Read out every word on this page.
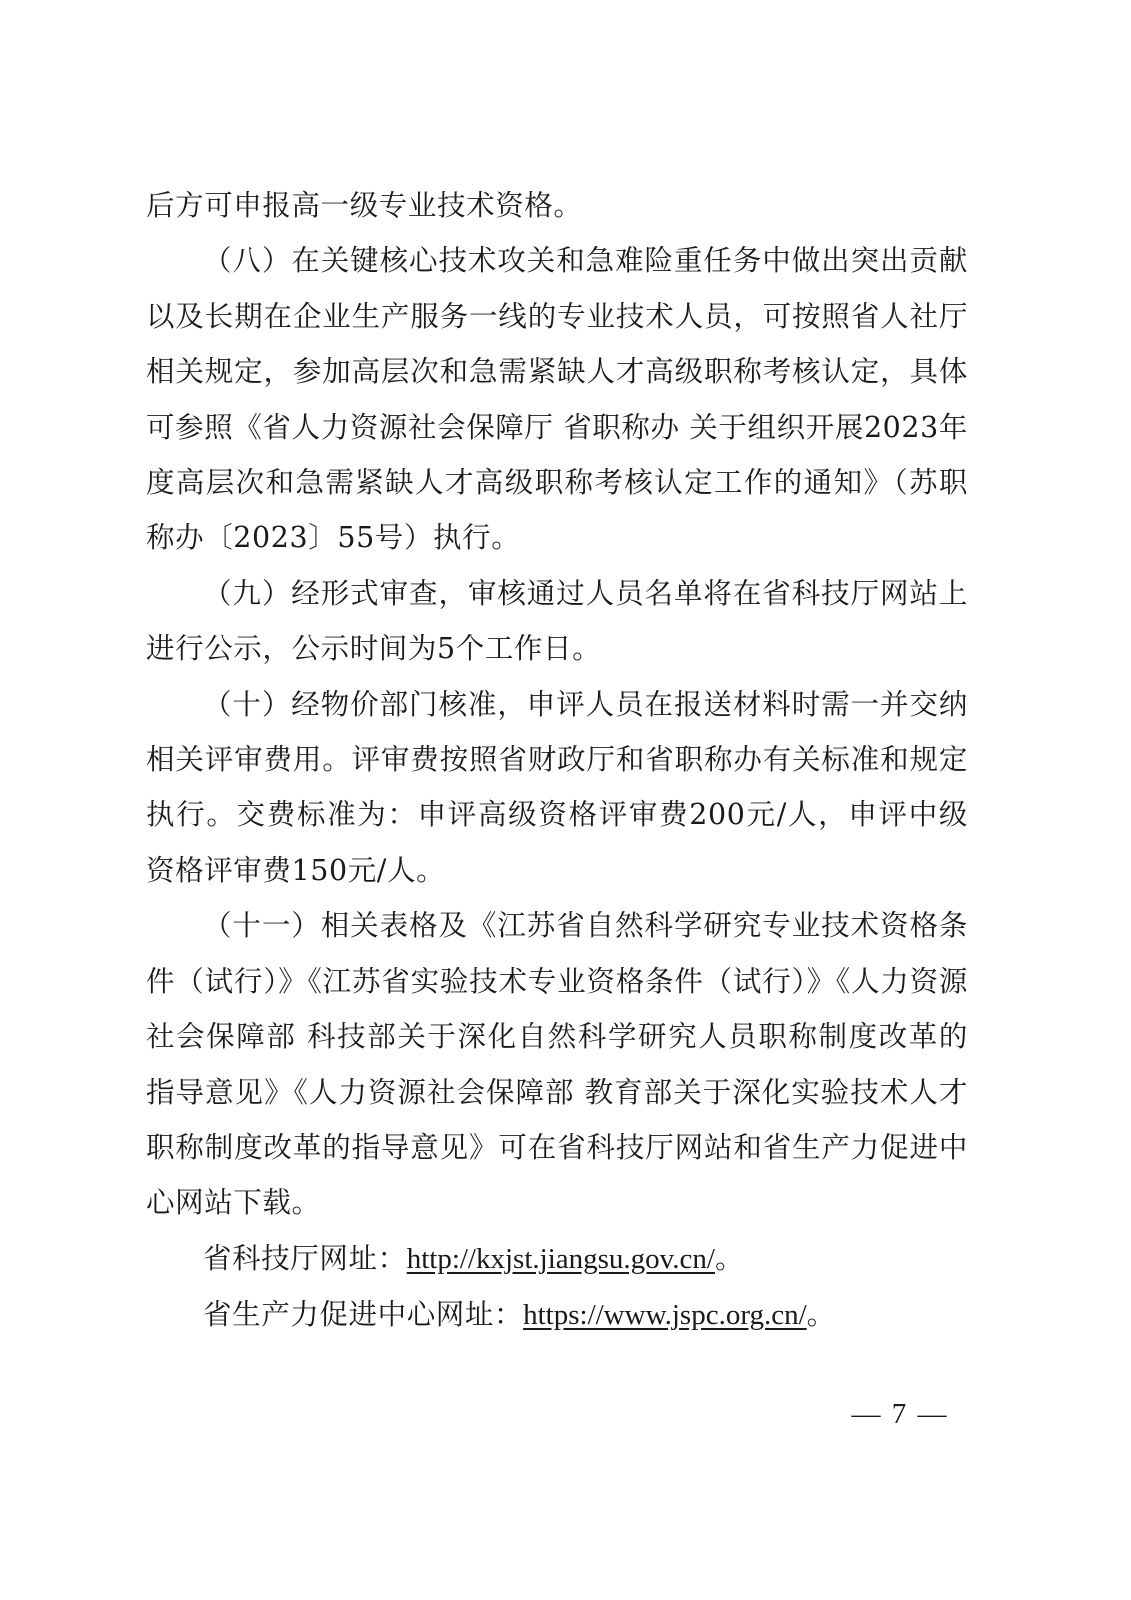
后方可申报高一级专业技术资格。

（八）在关键核心技术攻关和急难险重任务中做出突出贡献以及长期在企业生产服务一线的专业技术人员，可按照省人社厅相关规定，参加高层次和急需紧缺人才高级职称考核认定，具体可参照《省人力资源社会保障厅 省职称办 关于组织开展2023年度高层次和急需紧缺人才高级职称考核认定工作的通知》（苏职称办〔2023〕55号）执行。

（九）经形式审查，审核通过人员名单将在省科技厅网站上进行公示，公示时间为5个工作日。

（十）经物价部门核准，申评人员在报送材料时需一并交纳相关评审费用。评审费按照省财政厅和省职称办有关标准和规定执行。交费标准为：申评高级资格评审费200元/人，申评中级资格评审费150元/人。

（十一）相关表格及《江苏省自然科学研究专业技术资格条件（试行）》《江苏省实验技术专业资格条件（试行）》《人力资源社会保障部 科技部关于深化自然科学研究人员职称制度改革的指导意见》《人力资源社会保障部 教育部关于深化实验技术人才职称制度改革的指导意见》可在省科技厅网站和省生产力促进中心网站下载。

省科技厅网址：http://kxjst.jiangsu.gov.cn/。

省生产力促进中心网址：https://www.jspc.org.cn/。

— 7 —
